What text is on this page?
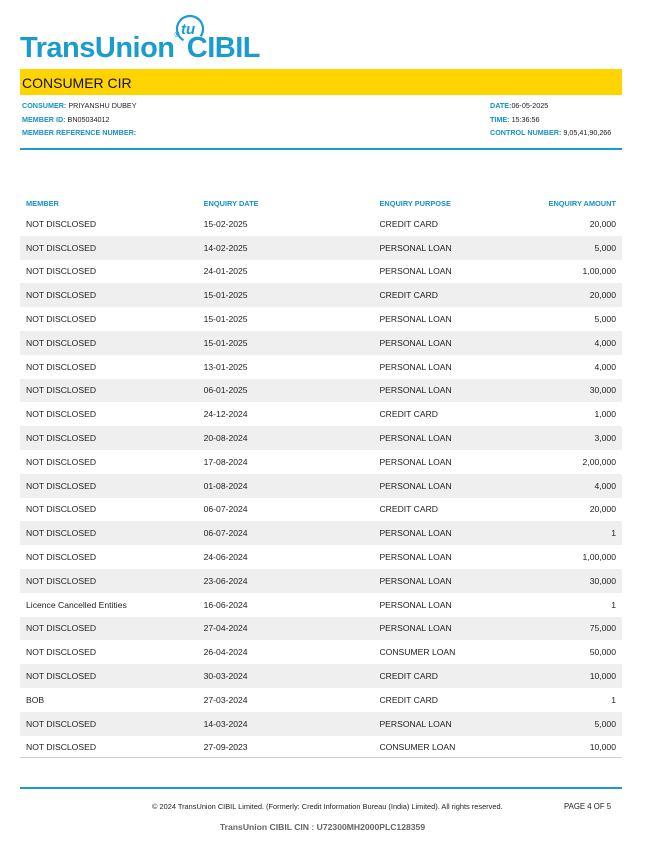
TransUnion® CIBIL
tu
CONSUMER CIR
CONSUMER: PRIYANSHU DUBEY
MEMBER ID: BN05034012
MEMBER REFERENCE NUMBER:
DATE:06-05-2025
TIME: 15:36:56
CONTROL NUMBER: 9,05,41,90,266
MEMBER	ENQUIRY DATE	ENQUIRY PURPOSE	ENQUIRY AMOUNT
NOT DISCLOSED	15-02-2025	CREDIT CARD	20,000
NOT DISCLOSED	14-02-2025	PERSONAL LOAN	5,000
NOT DISCLOSED	24-01-2025	PERSONAL LOAN	1,00,000
NOT DISCLOSED	15-01-2025	CREDIT CARD	20,000
NOT DISCLOSED	15-01-2025	PERSONAL LOAN	5,000
NOT DISCLOSED	15-01-2025	PERSONAL LOAN	4,000
NOT DISCLOSED	13-01-2025	PERSONAL LOAN	4,000
NOT DISCLOSED	06-01-2025	PERSONAL LOAN	30,000
NOT DISCLOSED	24-12-2024	CREDIT CARD	1,000
NOT DISCLOSED	20-08-2024	PERSONAL LOAN	3,000
NOT DISCLOSED	17-08-2024	PERSONAL LOAN	2,00,000
NOT DISCLOSED	01-08-2024	PERSONAL LOAN	4,000
NOT DISCLOSED	06-07-2024	CREDIT CARD	20,000
NOT DISCLOSED	06-07-2024	PERSONAL LOAN	1
NOT DISCLOSED	24-06-2024	PERSONAL LOAN	1,00,000
NOT DISCLOSED	23-06-2024	PERSONAL LOAN	30,000
Licence Cancelled Entities	16-06-2024	PERSONAL LOAN	1
NOT DISCLOSED	27-04-2024	PERSONAL LOAN	75,000
NOT DISCLOSED	26-04-2024	CONSUMER LOAN	50,000
NOT DISCLOSED	30-03-2024	CREDIT CARD	10,000
BOB	27-03-2024	CREDIT CARD	1
NOT DISCLOSED	14-03-2024	PERSONAL LOAN	5,000
NOT DISCLOSED	27-09-2023	CONSUMER LOAN	10,000
© 2024 TransUnion CIBIL Limited. (Formerly: Credit Information Bureau (India) Limited). All rights reserved.	PAGE 4 OF 5
TransUnion CIBIL CIN : U72300MH2000PLC128359
